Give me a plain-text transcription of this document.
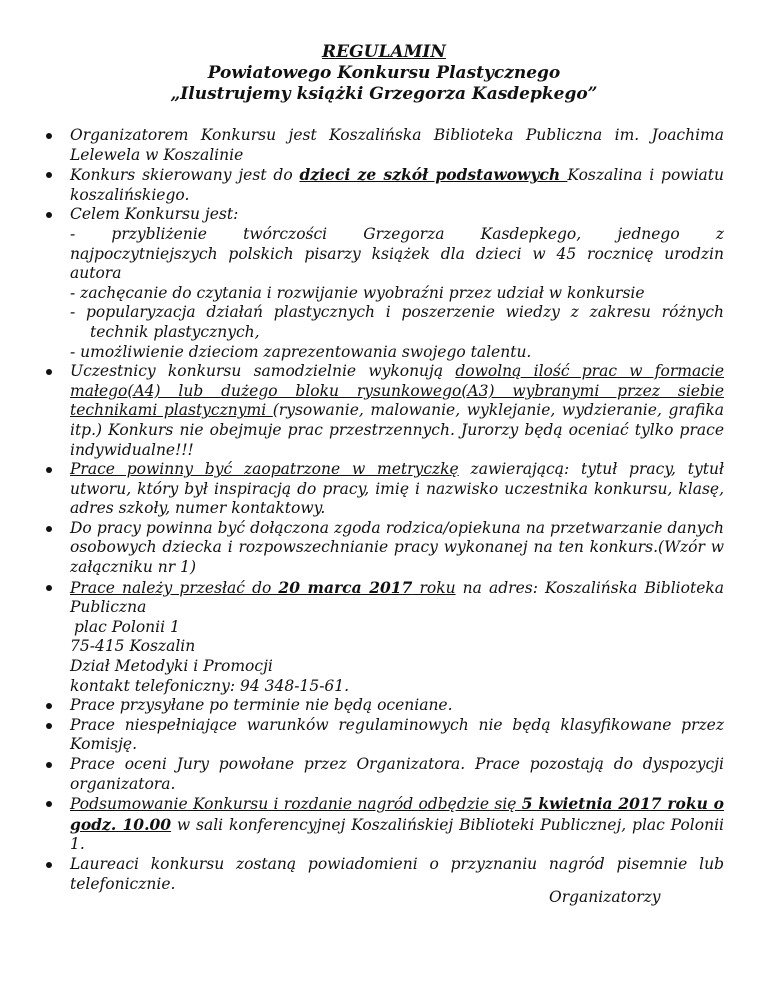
REGULAMIN
Powiatowego Konkursu Plastycznego
„Ilustrujemy książki Grzegorza Kasdepkego”
Organizatorem Konkursu jest Koszalińska Biblioteka Publiczna im. Joachima Lelewela w Koszalinie
Konkurs skierowany jest do dzieci ze szkół podstawowych Koszalina i powiatu koszalińskiego.
Celem Konkursu jest:
- przybliżenie twórczości Grzegorza Kasdepkego, jednego z
najpoczytniejszych polskich pisarzy książek dla dzieci w 45 rocznicę urodzin autora
- zachęcanie do czytania i rozwijanie wyobraźni przez udział w konkursie
- popularyzacja działań plastycznych i poszerzenie wiedzy z zakresu różnych technik plastycznych,
- umożliwienie dzieciom zaprezentowania swojego talentu.
Uczestnicy konkursu samodzielnie wykonują dowolną ilość prac w formacie małego(A4) lub dużego bloku rysunkowego(A3) wybranymi przez siebie technikami plastycznymi (rysowanie, malowanie, wyklejanie, wydzieranie, grafika itp.) Konkurs nie obejmuje prac przestrzennych. Jurorzy będą oceniać tylko prace indywidualne!!!
Prace powinny być zaopatrzone w metryczkę zawierającą: tytuł pracy, tytuł utworu, który był inspiracją do pracy, imię i nazwisko uczestnika konkursu, klasę, adres szkoły, numer kontaktowy.
Do pracy powinna być dołączona zgoda rodzica/opiekuna na przetwarzanie danych osobowych dziecka i rozpowszechnianie pracy wykonanej na ten konkurs.(Wzór w załączniku nr 1)
Prace należy przesłać do 20 marca 2017 roku na adres: Koszalińska Biblioteka Publiczna
plac Polonii 1
75-415 Koszalin
Dział Metodyki i Promocji
kontakt telefoniczny: 94 348-15-61.
Prace przysyłane po terminie nie będą oceniane.
Prace niespełniające warunków regulaminowych nie będą klasyfikowane przez Komisję.
Prace oceni Jury powołane przez Organizatora. Prace pozostają do dyspozycji organizatora.
Podsumowanie Konkursu i rozdanie nagród odbędzie się 5 kwietnia 2017 roku o godz. 10.00 w sali konferencyjnej Koszalińskiej Biblioteki Publicznej, plac Polonii 1.
Laureaci konkursu zostaną powiadomieni o przyznaniu nagród pisemnie lub telefonicznie.
Organizatorzy
